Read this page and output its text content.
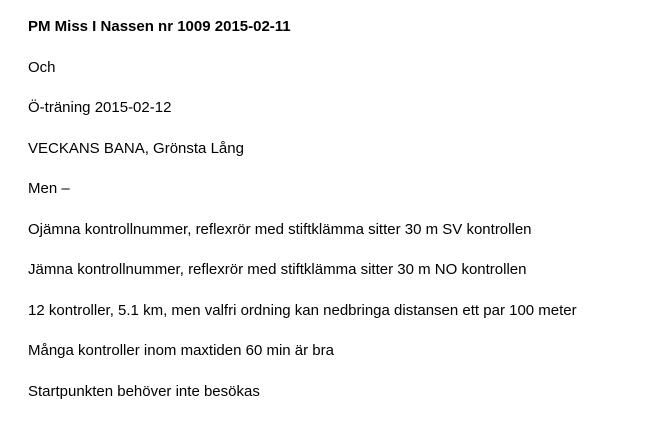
PM Miss I Nassen nr 1009 2015-02-11
Och
Ö-träning 2015-02-12
VECKANS BANA, Grönsta Lång
Men –
Ojämna kontrollnummer, reflexrör med stiftklämma sitter 30 m SV kontrollen
Jämna kontrollnummer, reflexrör med stiftklämma sitter 30 m NO kontrollen
12 kontroller, 5.1 km, men valfri ordning kan nedbringa distansen ett par 100 meter
Många kontroller inom maxtiden 60 min är bra
Startpunkten behöver inte besökas
